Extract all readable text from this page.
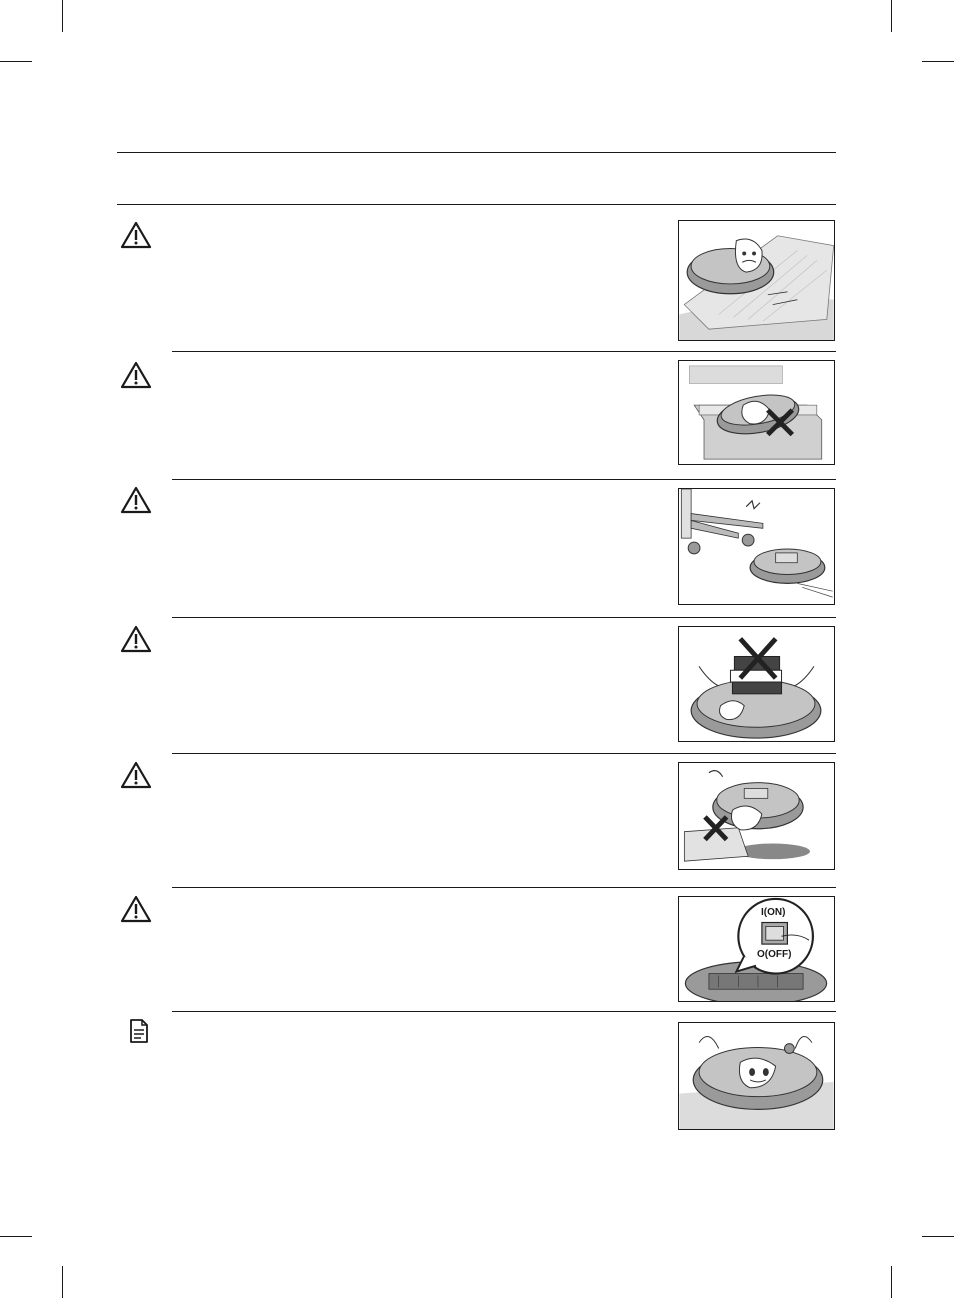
I(ON)
O(OFF)
